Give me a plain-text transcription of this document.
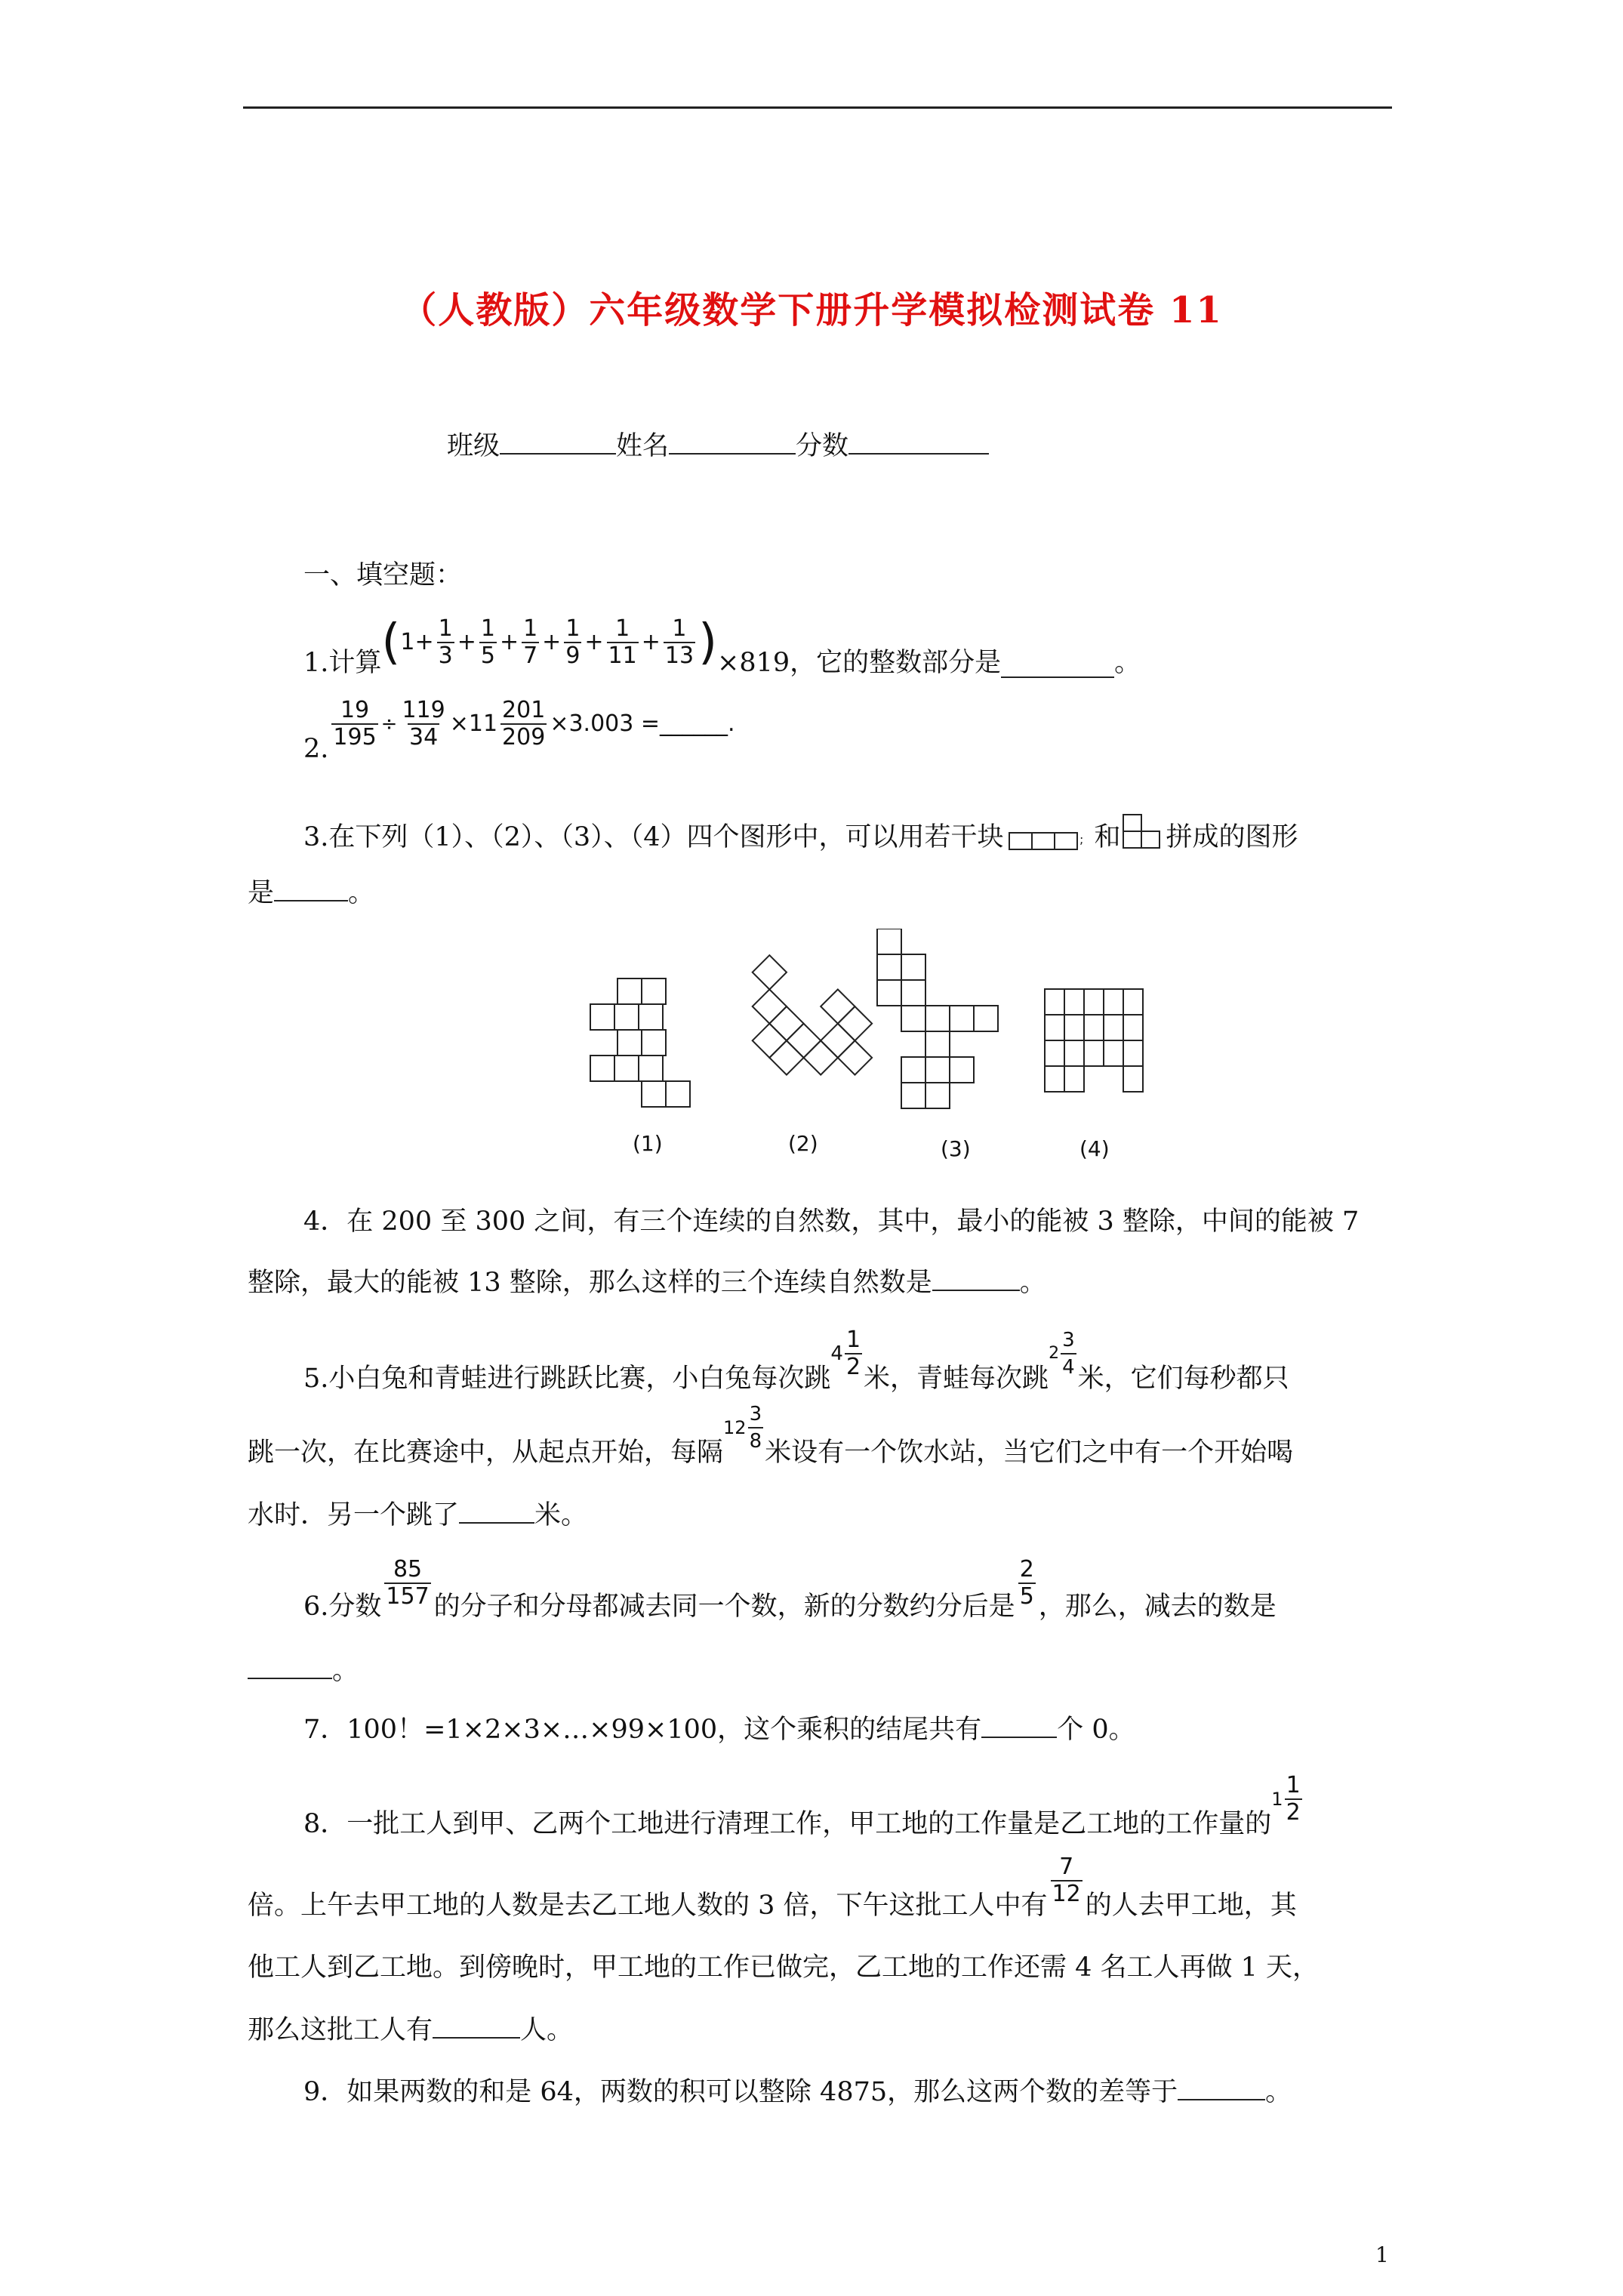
（人教版）六年级数学下册升学模拟检测试卷 11
班级	姓名	分数
一、填空题：
1.计算 ( $1+ \frac{1}{3} + \frac{1}{5} + \frac{1}{7} + \frac{1}{9} + \frac{1}{11} + \frac{1}{13}$ ) ×819，它的整数部分是	。
2. $\frac{19}{195} \div \frac{119}{34} \times 11 \frac{201}{209} \times 3.003$ =______.
3.在下列（1）、（2）、（3）、（4）四个图形中，可以用若干块	; 和 拼成的图形
是	。
(1)	(2)	(3)	(4)
4．在 200 至 300 之间，有三个连续的自然数，其中，最小的能被 3 整除，中间的能被 7
整除，最大的能被 13 整除，那么这样的三个连续自然数是	。
5.小白兔和青蛙进行跳跃比赛，小白兔每次跳
$4 \frac{1}{2}$ 米，青蛙每次跳
$2 \frac{3}{4}$ 米，它们每秒都只
跳一次，在比赛途中，从起点开始，每隔
$12 \frac{3}{8}$ 米设有一个饮水站，当它们之中有一个开始喝
水时．另一个跳了	米。
6.分数 $\frac{85}{157}$ 的分子和分母都减去同一个数，新的分数约分后是 $\frac{2}{5}$ ，那么，减去的数是
。
7．100！=1×2×3×…×99×100，这个乘积的结尾共有	个 0。
8．一批工人到甲、乙两个工地进行清理工作，甲工地的工作量是乙工地的工作量的
$1 \frac{1}{2}$
倍。上午去甲工地的人数是去乙工地人数的 3 倍，下午这批工人中有 $\frac{7}{12}$ 的人去甲工地，其
他工人到乙工地。到傍晚时，甲工地的工作已做完，乙工地的工作还需 4 名工人再做 1 天，
那么这批工人有	人。
9．如果两数的和是 64，两数的积可以整除 4875，那么这两个数的差等于	。
1
